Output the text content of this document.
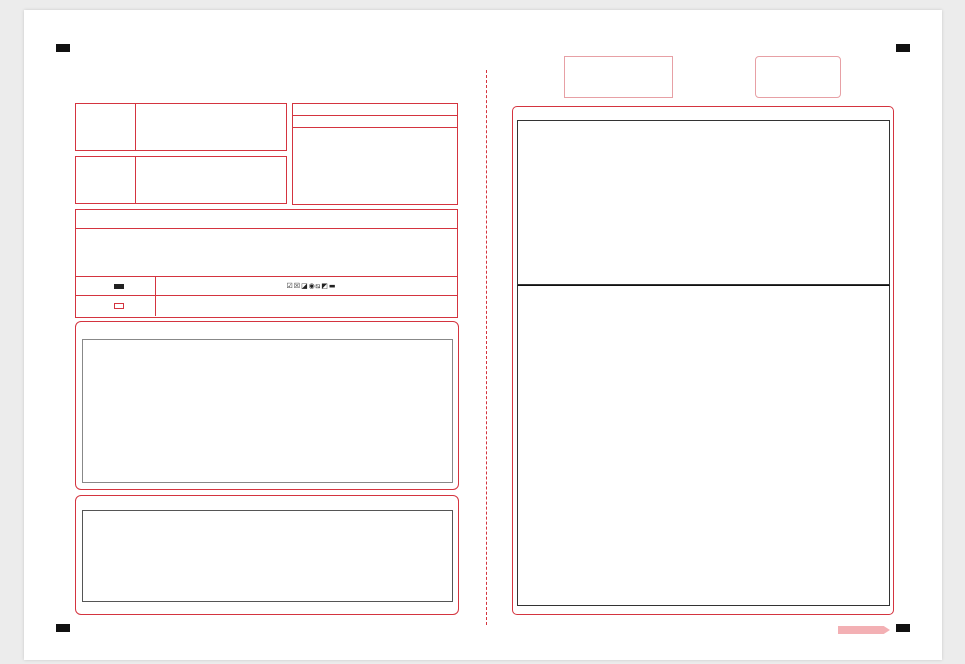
☑☒◪◉⧅◩▬
